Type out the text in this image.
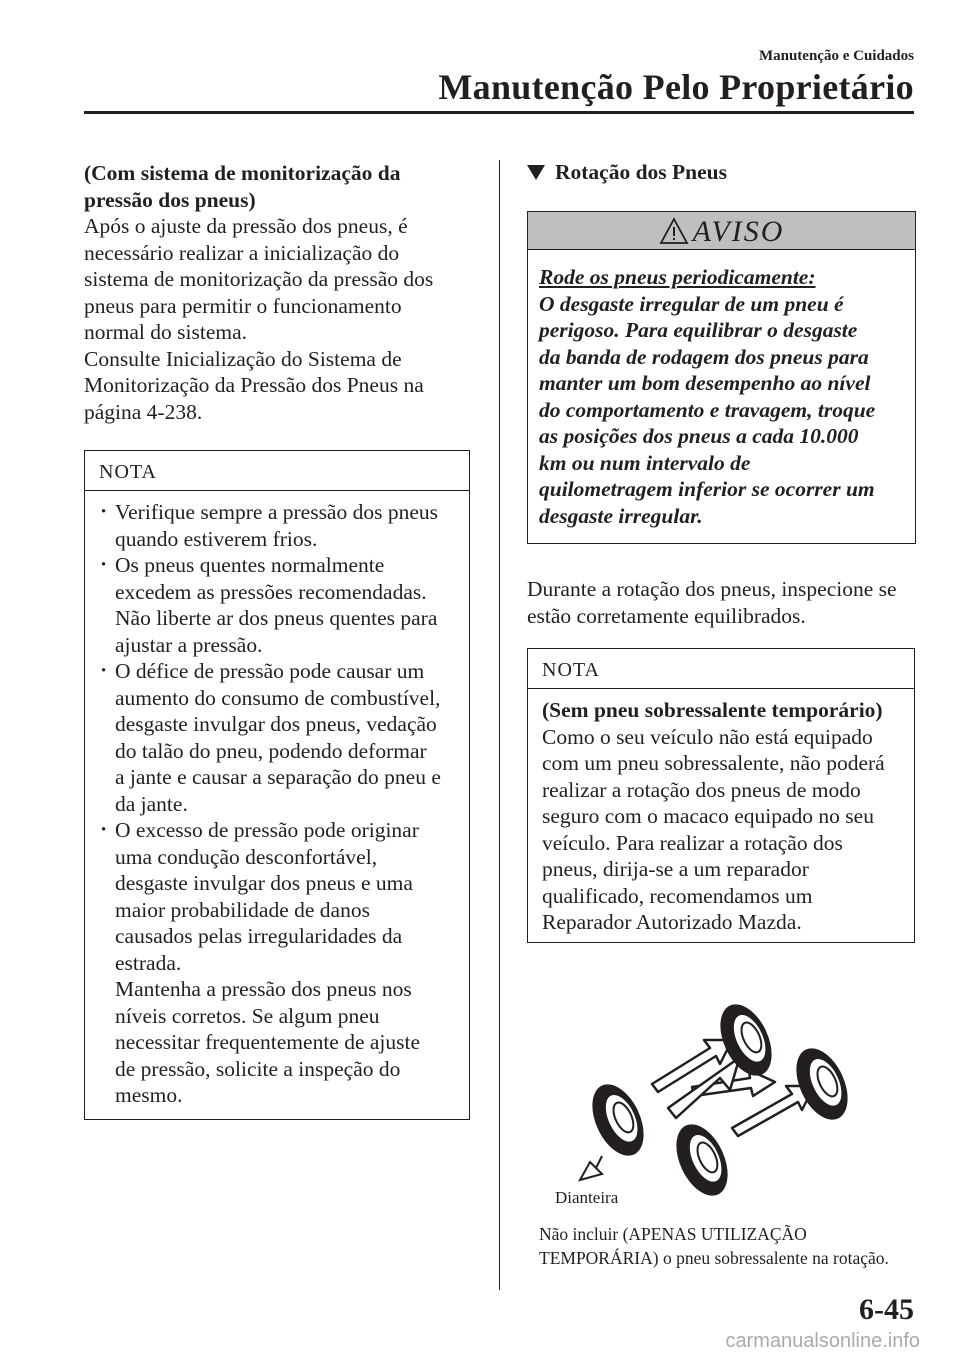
Manutenção e Cuidados
Manutenção Pelo Proprietário

(Com sistema de monitorização da

pressão dos pneus)

Após o ajuste da pressão dos pneus, é

necessário realizar a inicialização do

sistema de monitorização da pressão dos

pneus para permitir o funcionamento

normal do sistema.

Consulte Inicialização do Sistema de

Monitorização da Pressão dos Pneus na

página 4-238.

NOTA
· Verifique sempre a pressão dos pneus
quando estiverem frios.
· Os pneus quentes normalmente
excedem as pressões recomendadas.
Não liberte ar dos pneus quentes para
ajustar a pressão.
· O défice de pressão pode causar um
aumento do consumo de combustível,
desgaste invulgar dos pneus, vedação
do talão do pneu, podendo deformar
a jante e causar a separação do pneu e
da jante.
· O excesso de pressão pode originar
uma condução desconfortável,
desgaste invulgar dos pneus e uma
maior probabilidade de danos
causados pelas irregularidades da
estrada.
Mantenha a pressão dos pneus nos
níveis corretos. Se algum pneu
necessitar frequentemente de ajuste
de pressão, solicite a inspeção do
mesmo.
Rotação dos Pneus
AVISO
Rode os pneus periodicamente:
O desgaste irregular de um pneu é
perigoso. Para equilibrar o desgaste
da banda de rodagem dos pneus para
manter um bom desempenho ao nível
do comportamento e travagem, troque
as posições dos pneus a cada 10.000
km ou num intervalo de
quilometragem inferior se ocorrer um
desgaste irregular.

Durante a rotação dos pneus, inspecione se

estão corretamente equilibrados.

NOTA
(Sem pneu sobressalente temporário)
Como o seu veículo não está equipado
com um pneu sobressalente, não poderá
realizar a rotação dos pneus de modo
seguro com o macaco equipado no seu
veículo. Para realizar a rotação dos
pneus, dirija-se a um reparador
qualificado, recomendamos um
Reparador Autorizado Mazda.
Dianteira
Não incluir (APENAS UTILIZAÇÃO
TEMPORÁRIA) o pneu sobressalente na rotação.
6-45
carmanualsonline.info
